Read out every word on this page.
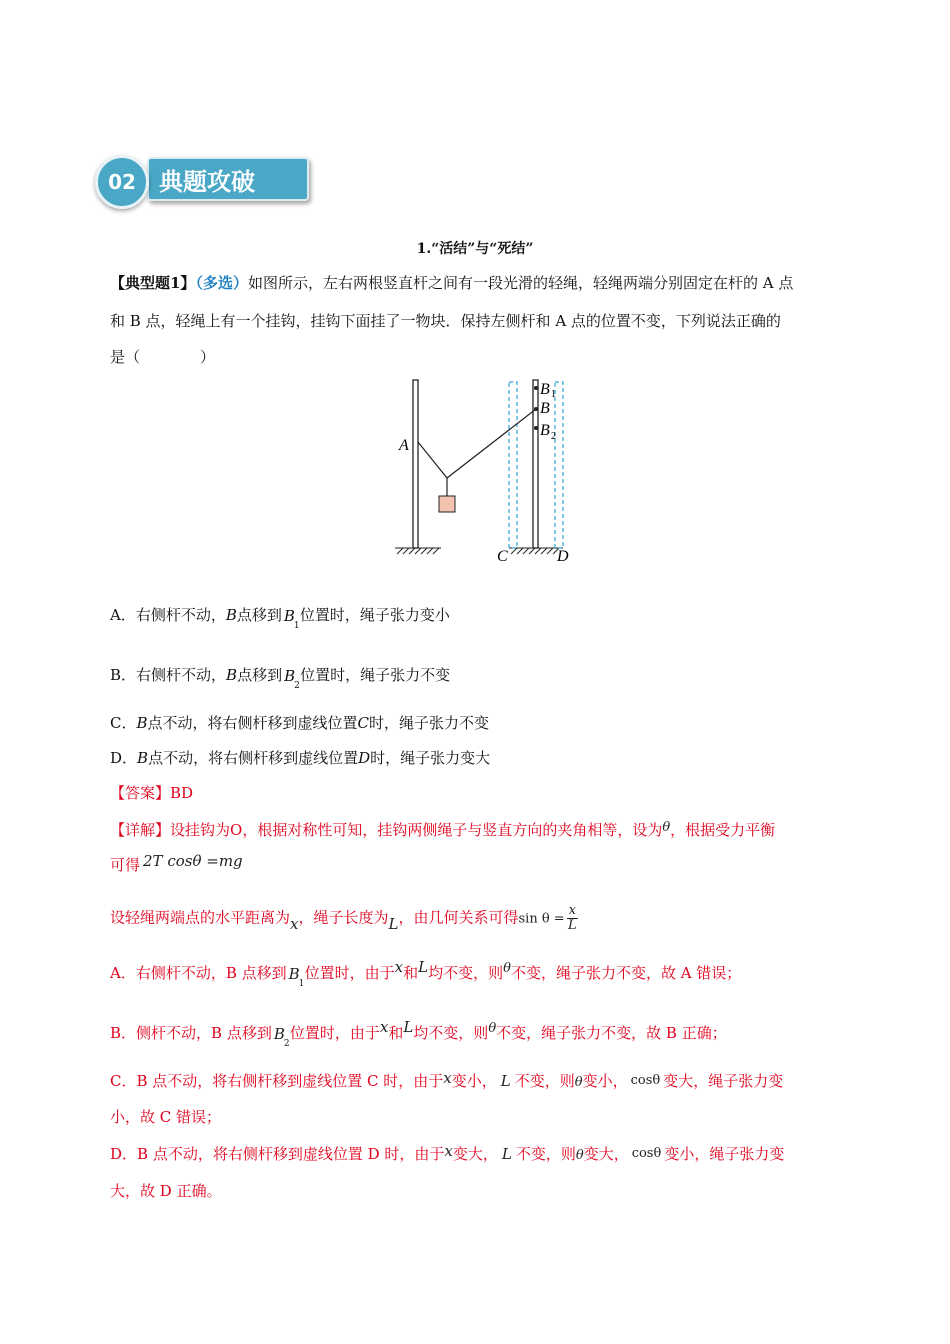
02 典题攻破
1.“活结”与“死结”
【典型题1】（多选）如图所示，左右两根竖直杆之间有一段光滑的轻绳，轻绳两端分别固定在杆的 A 点
和 B 点，轻绳上有一个挂钩，挂钩下面挂了一物块．保持左侧杆和 A 点的位置不变，下列说法正确的
是（　　　　）
A
B 1
B
B 2
C	D
A．右侧杆不动，B点移到 B
1
位置时，绳子张力变小
B．右侧杆不动，B点移到 B
2
位置时，绳子张力不变
C．B点不动，将右侧杆移到虚线位置C时，绳子张力不变
D．B点不动，将右侧杆移到虚线位置D时，绳子张力变大
【答案】BD
【详解】设挂钩为O，根据对称性可知，挂钩两侧绳子与竖直方向的夹角相等，设为θ，根据受力平衡
可得 2T cosθ =mg
设轻绳两端点的水平距离为x，绳子长度为L，由几何关系可得$\sin \theta = \frac{x}{L}$
A．右侧杆不动，B 点移到 B
1
位置时，由于x和L均不变，则θ不变，绳子张力不变，故 A 错误；
B．侧杆不动，B 点移到 B
2
位置时，由于x和L均不变，则θ不变，绳子张力不变，故 B 正确；
C．B 点不动，将右侧杆移到虚线位置 C 时，由于x变小， L 不变，则θ变小， cosθ 变大，绳子张力变
小，故 C 错误；
D．B 点不动，将右侧杆移到虚线位置 D 时，由于x变大， L 不变，则θ变大， cosθ 变小，绳子张力变
大，故 D 正确。
